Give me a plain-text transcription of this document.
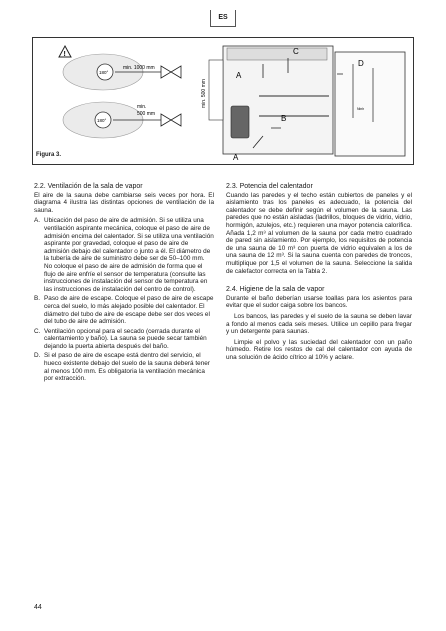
ES
!
180°
min. 1000 mm
180°
min.
500 mm
min. 500 mm
A
A
B
C
D
Ninh
Figura 3.
2.2. Ventilación de la sala de vapor

El aire de la sauna debe cambiarse seis veces por hora. El diagrama 4 ilustra las distintas opciones de ventilación de la sauna.

A. Ubicación del paso de aire de admisión. Si se utiliza una ventilación aspirante mecánica, coloque el paso de aire de admisión encima del calentador. Si se utiliza una ventilación aspirante por gravedad, coloque el paso de aire de admisión debajo del calentador o junto a él. El diámetro de la tubería de aire de suministro debe ser de 50–100 mm. No coloque el paso de aire de admisión de forma que el flujo de aire enfríe el sensor de temperatura (consulte las instrucciones de instalación del sensor de temperatura en las instrucciones de instalación del centro de control).
B. Paso de aire de escape. Coloque el paso de aire de escape cerca del suelo, lo más alejado posible del calentador. El diámetro del tubo de aire de escape debe ser dos veces el del tubo de aire de admisión.
C. Ventilación opcional para el secado (cerrada durante el calentamiento y baño). La sauna se puede secar también dejando la puerta abierta después del baño.
D. Si el paso de aire de escape está dentro del servicio, el hueco existente debajo del suelo de la sauna deberá tener al menos 100 mm. Es obligatoria la ventilación mecánica por extracción.
2.3. Potencia del calentador

Cuando las paredes y el techo están cubiertos de paneles y el aislamiento tras los paneles es adecuado, la potencia del calentador se debe definir según el volumen de la sauna. Las paredes que no están aisladas (ladrillos, bloques de vidrio, vidrio, hormigón, azulejos, etc.) requieren una mayor potencia calorífica. Añada 1,2 m³ al volumen de la sauna por cada metro cuadrado de pared sin aislamiento. Por ejemplo, los requisitos de potencia de una sauna de 10 m³ con puerta de vidrio equivalen a los de una sauna de 12 m³. Si la sauna cuenta con paredes de troncos, multiplique por 1,5 el volumen de la sauna. Seleccione la salida de calefactor correcta en la Tabla 2.

2.4. Higiene de la sala de vapor

Durante el baño deberían usarse toallas para los asientos para evitar que el sudor caiga sobre los bancos.

Los bancos, las paredes y el suelo de la sauna se deben lavar a fondo al menos cada seis meses. Utilice un cepillo para fregar y un detergente para saunas.

Limpie el polvo y las suciedad del calentador con un paño húmedo. Retire los restos de cal del calentador con ayuda de una solución de ácido cítrico al 10% y aclare.

44
